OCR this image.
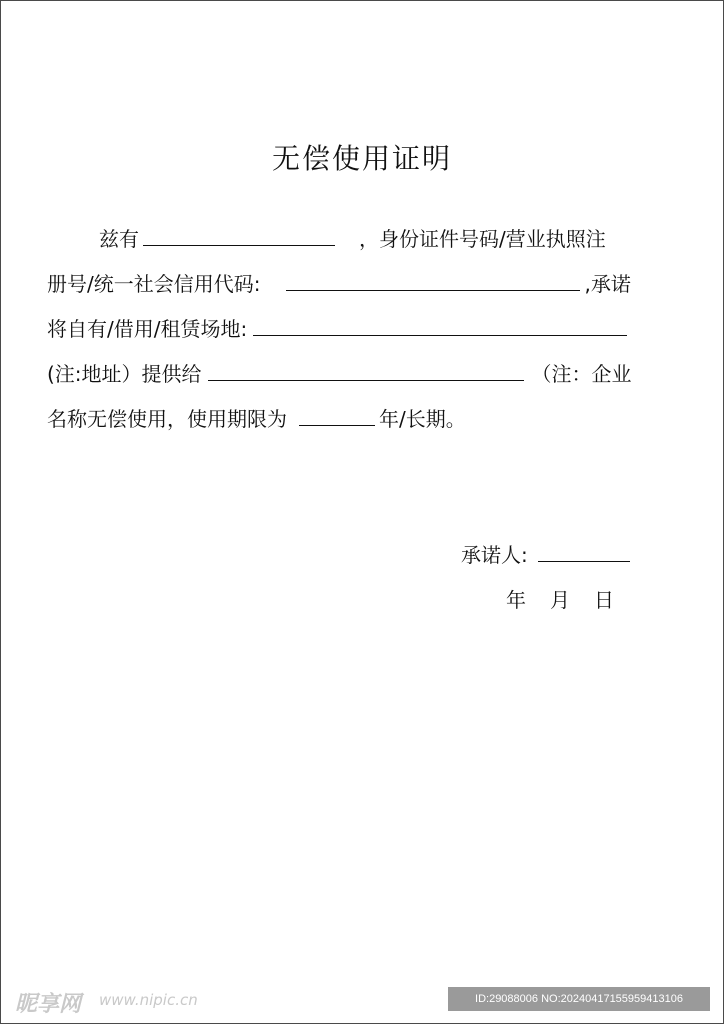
无偿使用证明
兹有	，身份证件号码/营业执照注
册号/统一社会信用代码:	,承诺
将自有/借用/租赁场地:
(注:地址）提供给	（注：企业
名称无偿使用，使用期限为	年/长期。
承诺人:
年 月 日
昵享网 www.nipic.cn	ID:29088006 NO:20240417155959413106
